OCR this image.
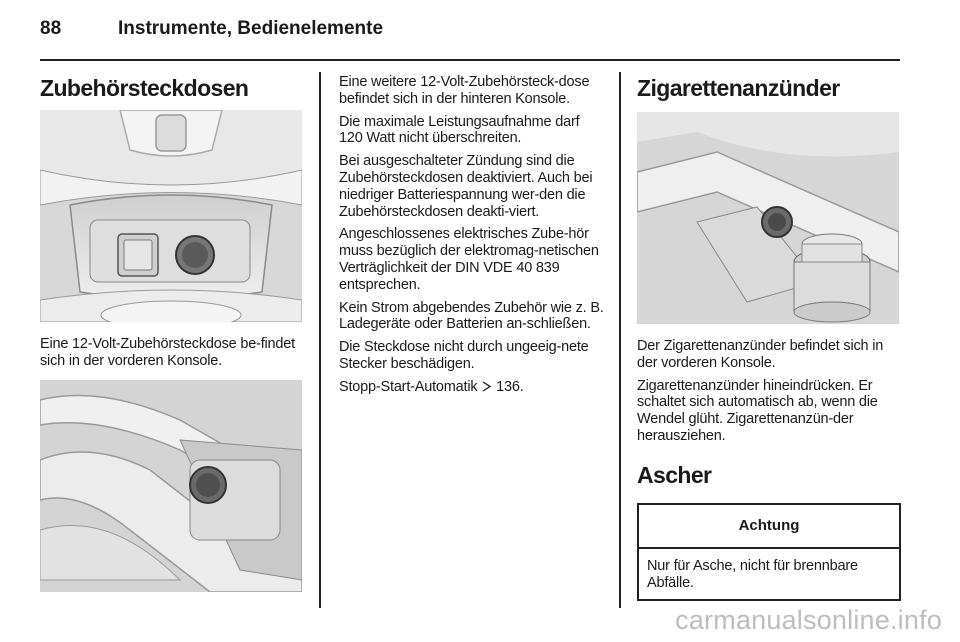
88	Instrumente, Bedienelemente
Zubehörsteckdosen

Eine 12-Volt-Zubehörsteckdose be-findet sich in der vorderen Konsole.

Eine weitere 12-Volt-Zubehörsteck-dose befindet sich in der hinteren Konsole.

Die maximale Leistungsaufnahme darf 120 Watt nicht überschreiten.

Bei ausgeschalteter Zündung sind die Zubehörsteckdosen deaktiviert. Auch bei niedriger Batteriespannung wer-den die Zubehörsteckdosen deakti-viert.

Angeschlossenes elektrisches Zube-hör muss bezüglich der elektromag-netischen Verträglichkeit der DIN VDE 40 839 entsprechen.

Kein Strom abgebendes Zubehör wie z. B. Ladegeräte oder Batterien an-schließen.

Die Steckdose nicht durch ungeeig-nete Stecker beschädigen.

Stopp-Start-Automatik 136.

Zigarettenanzünder

Der Zigarettenanzünder befindet sich in der vorderen Konsole.

Zigarettenanzünder hineindrücken. Er schaltet sich automatisch ab, wenn die Wendel glüht. Zigarettenanzün-der herausziehen.

Ascher
Achtung
Nur für Asche, nicht für brennbare Abfälle.
carmanualsonline.info
